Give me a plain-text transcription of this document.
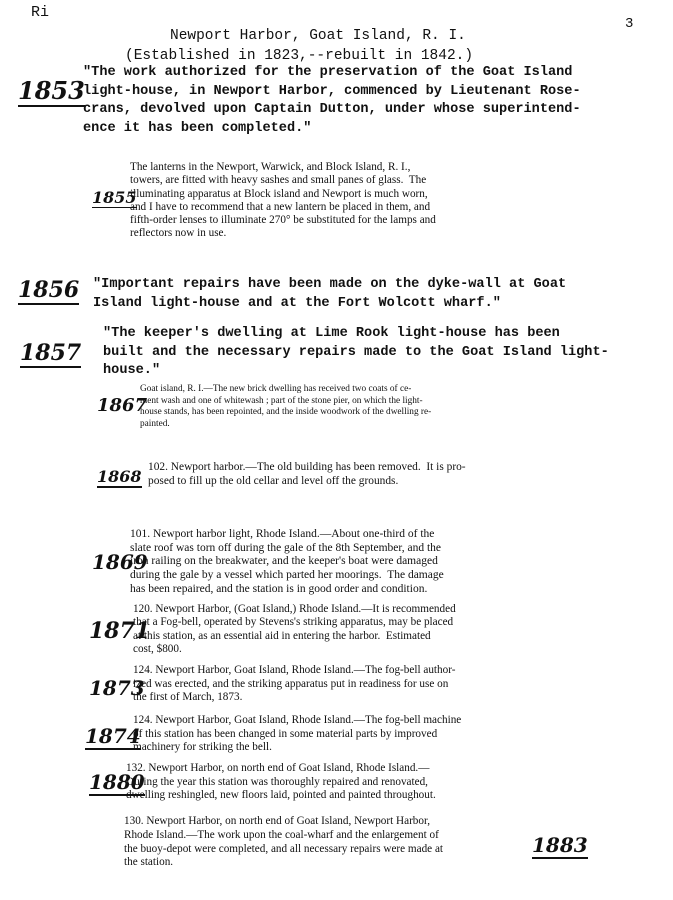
Ri
3
Newport Harbor, Goat Island, R. I.
(Established in 1823,--rebuilt in 1842.)
1853
"The work authorized for the preservation of the Goat Island
light-house, in Newport Harbor, commenced by Lieutenant Rose-
crans, devolved upon Captain Dutton, under whose superintend-
ence it has been completed."
1855
The lanterns in the Newport, Warwick, and Block Island, R. I.,
towers, are fitted with heavy sashes and small panes of glass.  The
illuminating apparatus at Block island and Newport is much worn,
and I have to recommend that a new lantern be placed in them, and
fifth-order lenses to illuminate 270° be substituted for the lamps and
reflectors now in use.
1856 "Important repairs have been made on the dyke-wall at Goat
Island light-house and at the Fort Wolcott wharf."
1857
"The keeper's dwelling at Lime Rook light-house has been
built and the necessary repairs made to the Goat Island light-
house."
1867
Goat island, R. I.—The new brick dwelling has received two coats of ce-
ment wash and one of whitewash ; part of the stone pier, on which the light-
house stands, has been repointed, and the inside woodwork of the dwelling re-
painted.
1868 102. Newport harbor.—The old building has been removed.  It is pro-
posed to fill up the old cellar and level off the grounds.
1869
101. Newport harbor light, Rhode Island.—About one-third of the
slate roof was torn off during the gale of the 8th September, and the
iron railing on the breakwater, and the keeper's boat were damaged
during the gale by a vessel which parted her moorings.  The damage
has been repaired, and the station is in good order and condition.
1871
120. Newport Harbor, (Goat Island,) Rhode Island.—It is recommended
that a Fog-bell, operated by Stevens's striking apparatus, may be placed
at this station, as an essential aid in entering the harbor.  Estimated
cost, $800.
1873
124. Newport Harbor, Goat Island, Rhode Island.—The fog-bell author-
ized was erected, and the striking apparatus put in readiness for use on
the first of March, 1873.
1874
124. Newport Harbor, Goat Island, Rhode Island.—The fog-bell machine
of this station has been changed in some material parts by improved
machinery for striking the bell.
1880
132. Newport Harbor, on north end of Goat Island, Rhode Island.—
During the year this station was thoroughly repaired and renovated,
dwelling reshingled, new floors laid, pointed and painted throughout.
130. Newport Harbor, on north end of Goat Island, Newport Harbor,
Rhode Island.—The work upon the coal-wharf and the enlargement of
the buoy-depot were completed, and all necessary repairs were made at
the station.
1883
